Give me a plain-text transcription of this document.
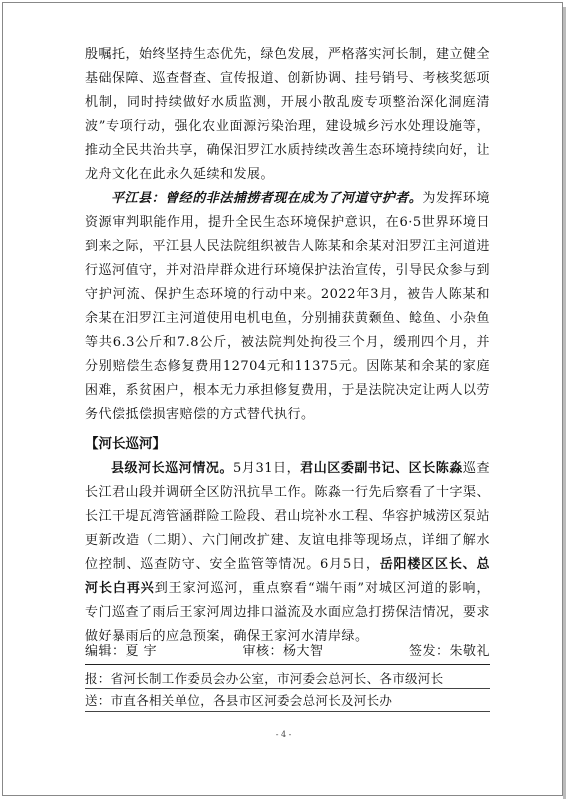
殷嘱托，始终坚持生态优先，绿色发展，严格落实河长制，建立健全基础保障、巡查督查、宣传报道、创新协调、挂号销号、考核奖惩项机制，同时持续做好水质监测，开展小散乱废专项整治深化洞庭清波”专项行动，强化农业面源污染治理，建设城乡污水处理设施等，推动全民共治共享，确保汨罗江水质持续改善生态环境持续向好，让龙舟文化在此永久延续和发展。

平江县：曾经的非法捕捞者现在成为了河道守护者。为发挥环境资源审判职能作用，提升全民生态环境保护意识，在6·5世界环境日到来之际，平江县人民法院组织被告人陈某和余某对汨罗江主河道进行巡河值守，并对沿岸群众进行环境保护法治宣传，引导民众参与到守护河流、保护生态环境的行动中来。2022年3月，被告人陈某和余某在汨罗江主河道使用电机电鱼，分别捕获黄颡鱼、鲶鱼、小杂鱼等共6.3公斤和7.8公斤，被法院判处拘役三个月，缓刑四个月，并分别赔偿生态修复费用12704元和11375元。因陈某和余某的家庭困难，系贫困户，根本无力承担修复费用，于是法院决定让两人以劳务代偿抵偿损害赔偿的方式替代执行。

【河长巡河】

县级河长巡河情况。5月31日，君山区委副书记、区长陈淼巡查长江君山段并调研全区防汛抗旱工作。陈淼一行先后察看了十字渠、长江干堤瓦湾管涵群险工险段、君山垸补水工程、华容护城涝区泵站更新改造（二期）、六门闸改扩建、友谊电排等现场点，详细了解水位控制、巡查防守、安全监管等情况。6月5日，岳阳楼区区长、总河长白再兴到王家河巡河，重点察看“端午雨”对城区河道的影响，专门巡查了雨后王家河周边排口溢流及水面应急打捞保洁情况，要求做好暴雨后的应急预案，确保王家河水清岸绿。

编辑：夏 宇	审核：杨大智	签发：朱敬礼
报：省河长制工作委员会办公室，市河委会总河长、各市级河长
送：市直各相关单位，各县市区河委会总河长及河长办
- 4 -
